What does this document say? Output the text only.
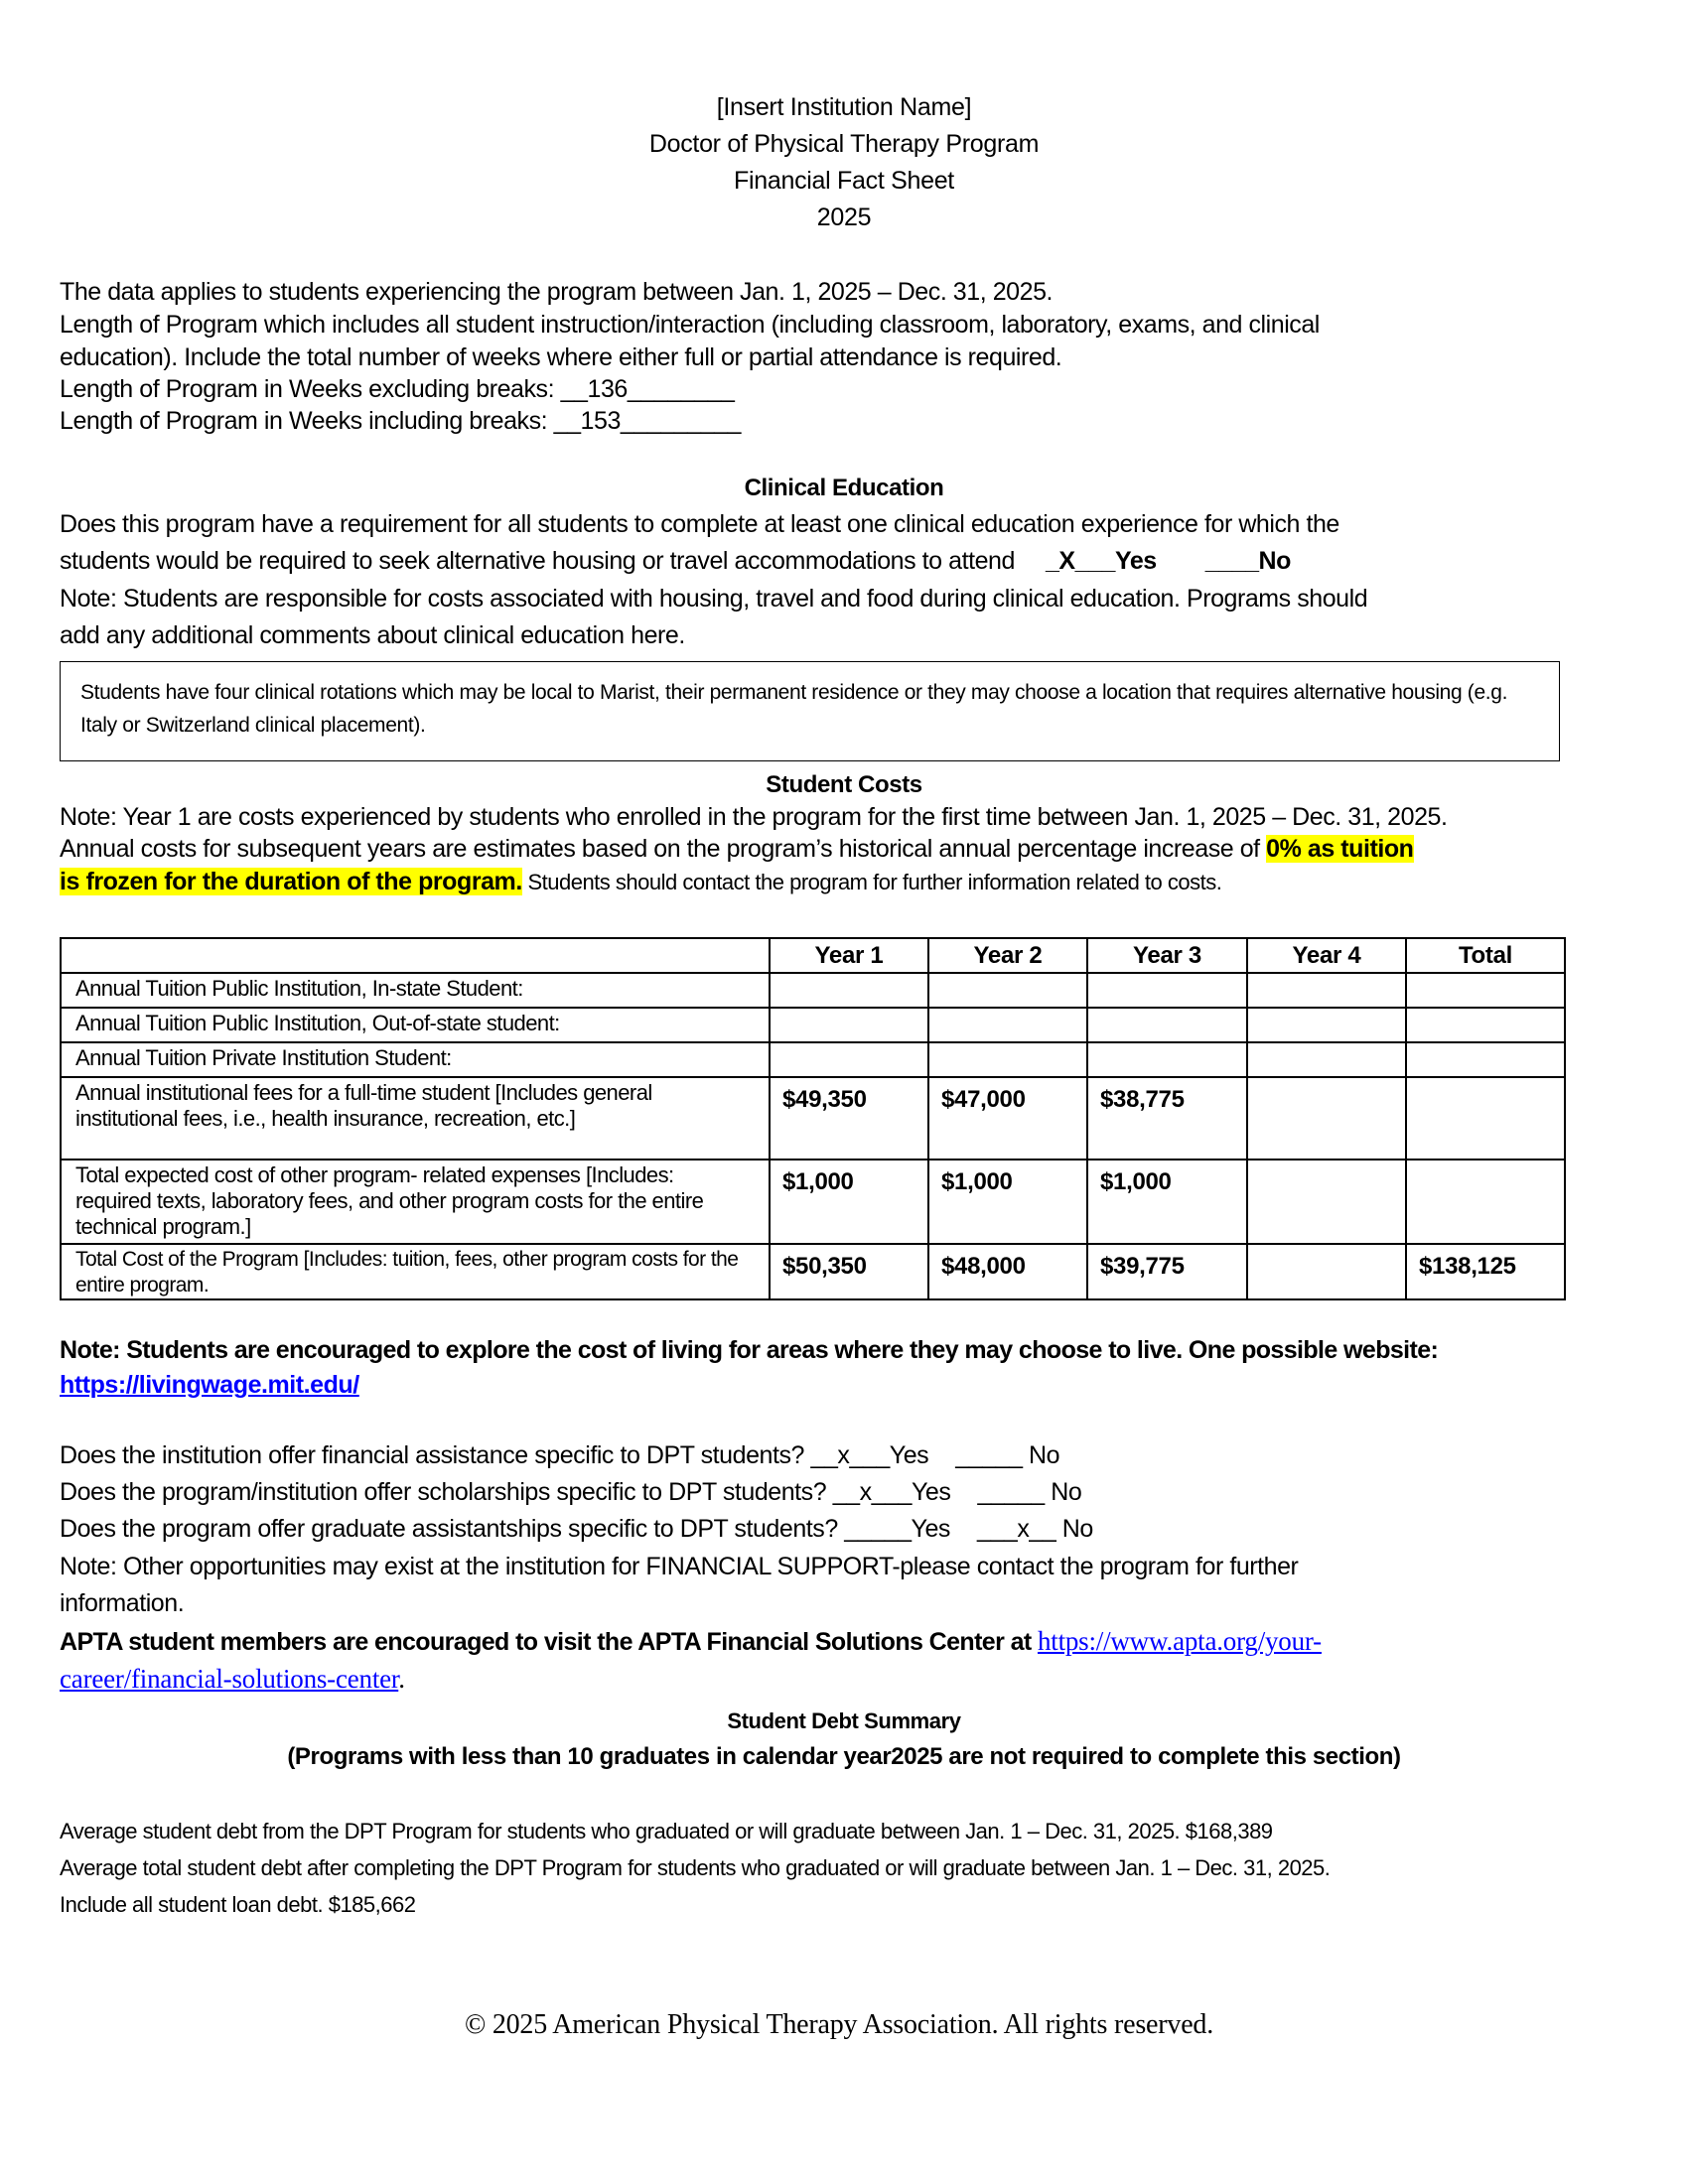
[Insert Institution Name]
Doctor of Physical Therapy Program
Financial Fact Sheet
2025
The data applies to students experiencing the program between Jan. 1, 2025 – Dec. 31, 2025.
Length of Program which includes all student instruction/interaction (including classroom, laboratory, exams, and clinical
education). Include the total number of weeks where either full or partial attendance is required.
Length of Program in Weeks excluding breaks: __136________
Length of Program in Weeks including breaks: __153_________
Clinical Education
Does this program have a requirement for all students to complete at least one clinical education experience for which the
students would be required to seek alternative housing or travel accommodations to attend _X___Yes ____No
Note: Students are responsible for costs associated with housing, travel and food during clinical education. Programs should
add any additional comments about clinical education here.
Students have four clinical rotations which may be local to Marist, their permanent residence or they may choose a location that requires alternative housing (e.g. Italy or Switzerland clinical placement).
Student Costs
Note: Year 1 are costs experienced by students who enrolled in the program for the first time between Jan. 1, 2025 – Dec. 31, 2025.
Annual costs for subsequent years are estimates based on the program’s historical annual percentage increase of 0% as tuition
is frozen for the duration of the program. Students should contact the program for further information related to costs.
	Year 1	Year 2	Year 3	Year 4	Total
Annual Tuition Public Institution, In-state Student:					
Annual Tuition Public Institution, Out-of-state student:					
Annual Tuition Private Institution Student:					
Annual institutional fees for a full-time student [Includes general institutional fees, i.e., health insurance, recreation, etc.]	$49,350	$47,000	$38,775		
Total expected cost of other program- related expenses [Includes: required texts, laboratory fees, and other program costs for the entire technical program.]	$1,000	$1,000	$1,000		
Total Cost of the Program [Includes: tuition, fees, other program costs for the entire program.	$50,350	$48,000	$39,775		$138,125
Note: Students are encouraged to explore the cost of living for areas where they may choose to live. One possible website:
https://livingwage.mit.edu/
Does the institution offer financial assistance specific to DPT students? __x___Yes _____ No
Does the program/institution offer scholarships specific to DPT students? __x___Yes _____ No
Does the program offer graduate assistantships specific to DPT students? _____Yes ___x__ No
Note: Other opportunities may exist at the institution for FINANCIAL SUPPORT-please contact the program for further
information.
APTA student members are encouraged to visit the APTA Financial Solutions Center at https://www.apta.org/your-
career/financial-solutions-center.
Student Debt Summary
(Programs with less than 10 graduates in calendar year2025 are not required to complete this section)
Average student debt from the DPT Program for students who graduated or will graduate between Jan. 1 – Dec. 31, 2025. $168,389
Average total student debt after completing the DPT Program for students who graduated or will graduate between Jan. 1 – Dec. 31, 2025.
Include all student loan debt. $185,662
© 2025 American Physical Therapy Association. All rights reserved.
